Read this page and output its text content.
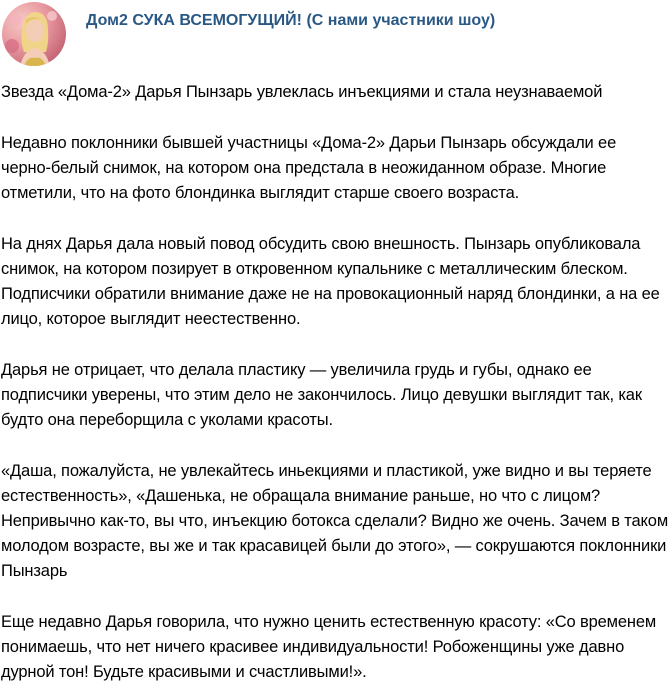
Дом2 СУКА ВСЕМОГУЩИЙ! (С нами участники шоу)

Звезда «Дома-2» Дарья Пынзарь увлеклась инъекциями и стала неузнаваемой

Недавно поклонники бывшей участницы «Дома-2» Дарьи Пынзарь обсуждали ее черно-белый снимок, на котором она предстала в неожиданном образе. Многие отметили, что на фото блондинка выглядит старше своего возраста.

На днях Дарья дала новый повод обсудить свою внешность. Пынзарь опубликовала снимок, на котором позирует в откровенном купальнике с металлическим блеском. Подписчики обратили внимание даже не на провокационный наряд блондинки, а на ее лицо, которое выглядит неестественно.

Дарья не отрицает, что делала пластику — увеличила грудь и губы, однако ее подписчики уверены, что этим дело не закончилось. Лицо девушки выглядит так, как будто она переборщила с уколами красоты.

«Даша, пожалуйста, не увлекайтесь иньекциями и пластикой, уже видно и вы теряете естественность», «Дашенька, не обращала внимание раньше, но что с лицом? Непривычно как-то, вы что, инъекцию ботокса сделали? Видно же очень. Зачем в таком молодом возрасте, вы же и так красавицей были до этого», — сокрушаются поклонники Пынзарь

Еще недавно Дарья говорила, что нужно ценить естественную красоту: «Со временем понимаешь, что нет ничего красивее индивидуальности! Робоженщины уже давно дурной тон! Будьте красивыми и счастливыми!».
